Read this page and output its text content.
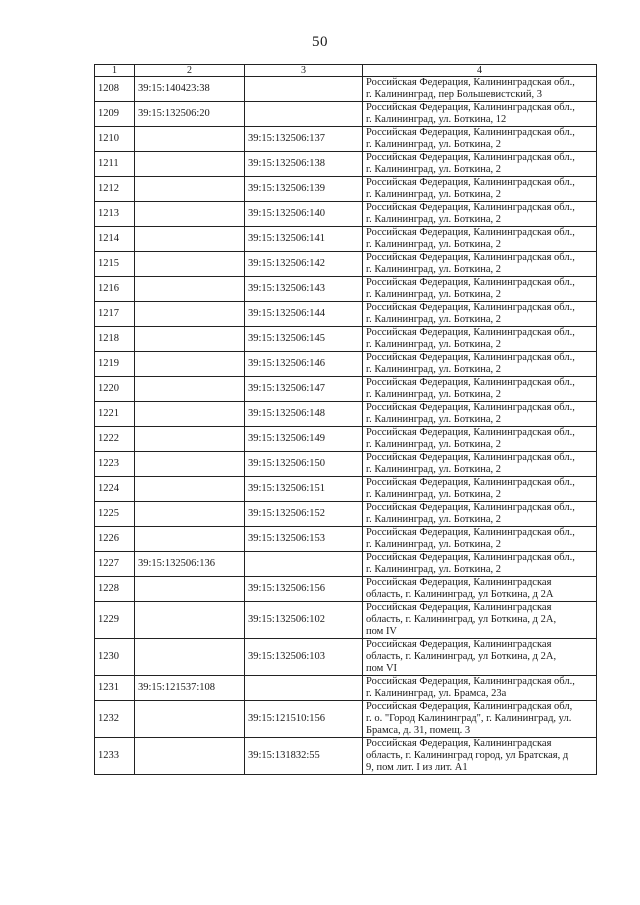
50
1	2	3	4
1208	39:15:140423:38		Российская Федерация, Калининградская обл.,
г. Калининград, пер Большевистский, 3

1209	39:15:132506:20		Российская Федерация, Калининградская обл.,
г. Калининград, ул. Боткина, 12

1210		39:15:132506:137	Российская Федерация, Калининградская обл.,
г. Калининград, ул. Боткина, 2

1211		39:15:132506:138	Российская Федерация, Калининградская обл.,
г. Калининград, ул. Боткина, 2

1212		39:15:132506:139	Российская Федерация, Калининградская обл.,
г. Калининград, ул. Боткина, 2

1213		39:15:132506:140	Российская Федерация, Калининградская обл.,
г. Калининград, ул. Боткина, 2

1214		39:15:132506:141	Российская Федерация, Калининградская обл.,
г. Калининград, ул. Боткина, 2

1215		39:15:132506:142	Российская Федерация, Калининградская обл.,
г. Калининград, ул. Боткина, 2

1216		39:15:132506:143	Российская Федерация, Калининградская обл.,
г. Калининград, ул. Боткина, 2

1217		39:15:132506:144	Российская Федерация, Калининградская обл.,
г. Калининград, ул. Боткина, 2

1218		39:15:132506:145	Российская Федерация, Калининградская обл.,
г. Калининград, ул. Боткина, 2

1219		39:15:132506:146	Российская Федерация, Калининградская обл.,
г. Калининград, ул. Боткина, 2

1220		39:15:132506:147	Российская Федерация, Калининградская обл.,
г. Калининград, ул. Боткина, 2

1221		39:15:132506:148	Российская Федерация, Калининградская обл.,
г. Калининград, ул. Боткина, 2

1222		39:15:132506:149	Российская Федерация, Калининградская обл.,
г. Калининград, ул. Боткина, 2

1223		39:15:132506:150	Российская Федерация, Калининградская обл.,
г. Калининград, ул. Боткина, 2

1224		39:15:132506:151	Российская Федерация, Калининградская обл.,
г. Калининград, ул. Боткина, 2

1225		39:15:132506:152	Российская Федерация, Калининградская обл.,
г. Калининград, ул. Боткина, 2

1226		39:15:132506:153	Российская Федерация, Калининградская обл.,
г. Калининград, ул. Боткина, 2

1227	39:15:132506:136		Российская Федерация, Калининградская обл.,
г. Калининград, ул. Боткина, 2

1228		39:15:132506:156	Российская Федерация, Калининградская
область, г. Калининград, ул Боткина, д 2А

1229		39:15:132506:102	Российская Федерация, Калининградская
область, г. Калининград, ул Боткина, д 2А,
пом IV

1230		39:15:132506:103	Российская Федерация, Калининградская
область, г. Калининград, ул Боткина, д 2А,
пом VI

1231	39:15:121537:108		Российская Федерация, Калининградская обл.,
г. Калининград, ул. Брамса, 23а

1232		39:15:121510:156	Российская Федерация, Калининградская обл,
г. о. "Город Калининград", г. Калининград, ул.
Брамса, д. 31, помещ. 3

1233		39:15:131832:55	Российская Федерация, Калининградская
область, г. Калининград город, ул Братская, д
9, пом лит. I из лит. А1
